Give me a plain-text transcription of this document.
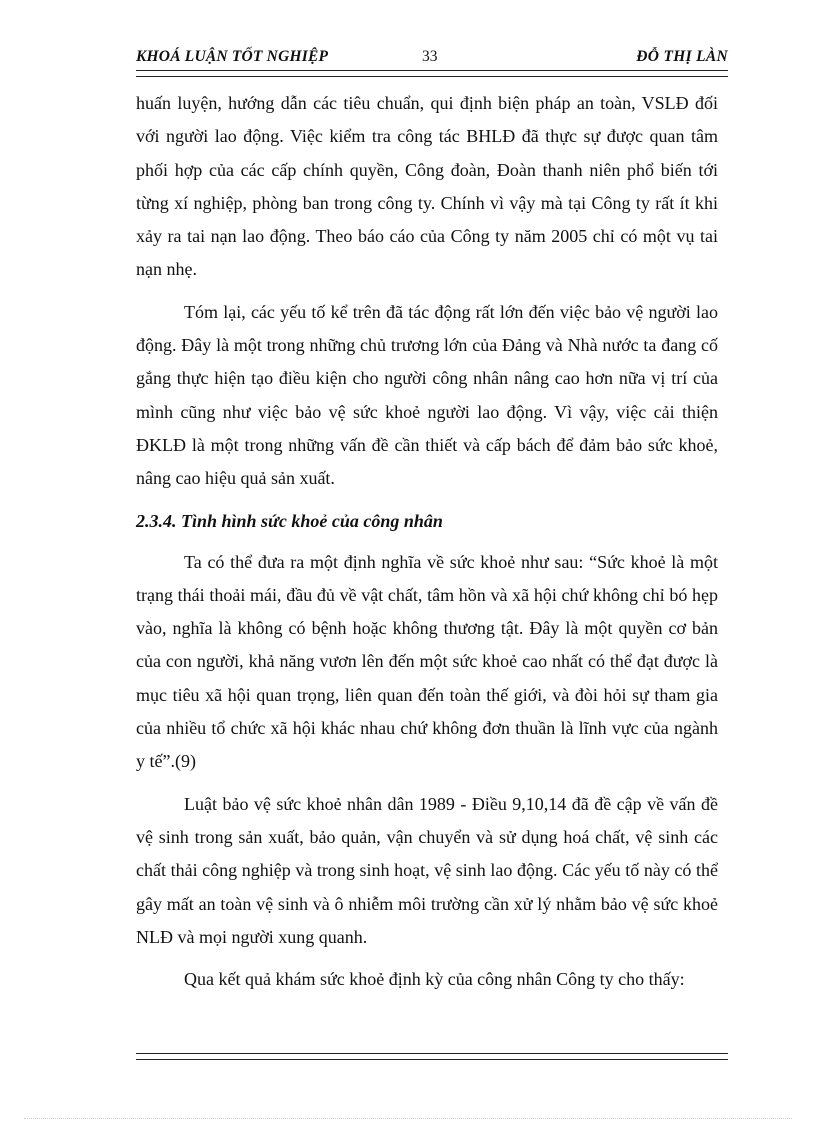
KHOÁ LUẬN TỐT NGHIỆP	33	ĐỖ THỊ LÀN

huấn luyện, hướng dẫn các tiêu chuẩn, qui định biện pháp an toàn, VSLĐ đối với người lao động. Việc kiểm tra công tác BHLĐ đã thực sự được quan tâm phối hợp của các cấp chính quyền, Công đoàn, Đoàn thanh niên phổ biến tới từng xí nghiệp, phòng ban trong công ty. Chính vì vậy mà tại Công ty rất ít khi xảy ra tai nạn lao động. Theo báo cáo của Công ty năm 2005 chỉ có một vụ tai nạn nhẹ.

Tóm lại, các yếu tố kể trên đã tác động rất lớn đến việc bảo vệ người lao động. Đây là một trong những chủ trương lớn của Đảng và Nhà nước ta đang cố gắng thực hiện tạo điều kiện cho người công nhân nâng cao hơn nữa vị trí của mình cũng như việc bảo vệ sức khoẻ người lao động. Vì vậy, việc cải thiện ĐKLĐ là một trong những vấn đề cần thiết và cấp bách để đảm bảo sức khoẻ, nâng cao hiệu quả sản xuất.

2.3.4. Tình hình sức khoẻ của công nhân

Ta có thể đưa ra một định nghĩa về sức khoẻ như sau: “Sức khoẻ là một trạng thái thoải mái, đầu đủ về vật chất, tâm hồn và xã hội chứ không chỉ bó hẹp vào, nghĩa là không có bệnh hoặc không thương tật. Đây là một quyền cơ bản của con người, khả năng vươn lên đến một sức khoẻ cao nhất có thể đạt được là mục tiêu xã hội quan trọng, liên quan đến toàn thế giới, và đòi hỏi sự tham gia của nhiều tổ chức xã hội khác nhau chứ không đơn thuần là lĩnh vực của ngành y tế”.(9)

Luật bảo vệ sức khoẻ nhân dân 1989 - Điều 9,10,14 đã đề cập về vấn đề vệ sinh trong sản xuất, bảo quản, vận chuyển và sử dụng hoá chất, vệ sinh các chất thải công nghiệp và trong sinh hoạt, vệ sinh lao động. Các yếu tố này có thể gây mất an toàn vệ sinh và ô nhiễm môi trường cần xử lý nhằm bảo vệ sức khoẻ NLĐ và mọi người xung quanh.

Qua kết quả khám sức khoẻ định kỳ của công nhân Công ty cho thấy:
